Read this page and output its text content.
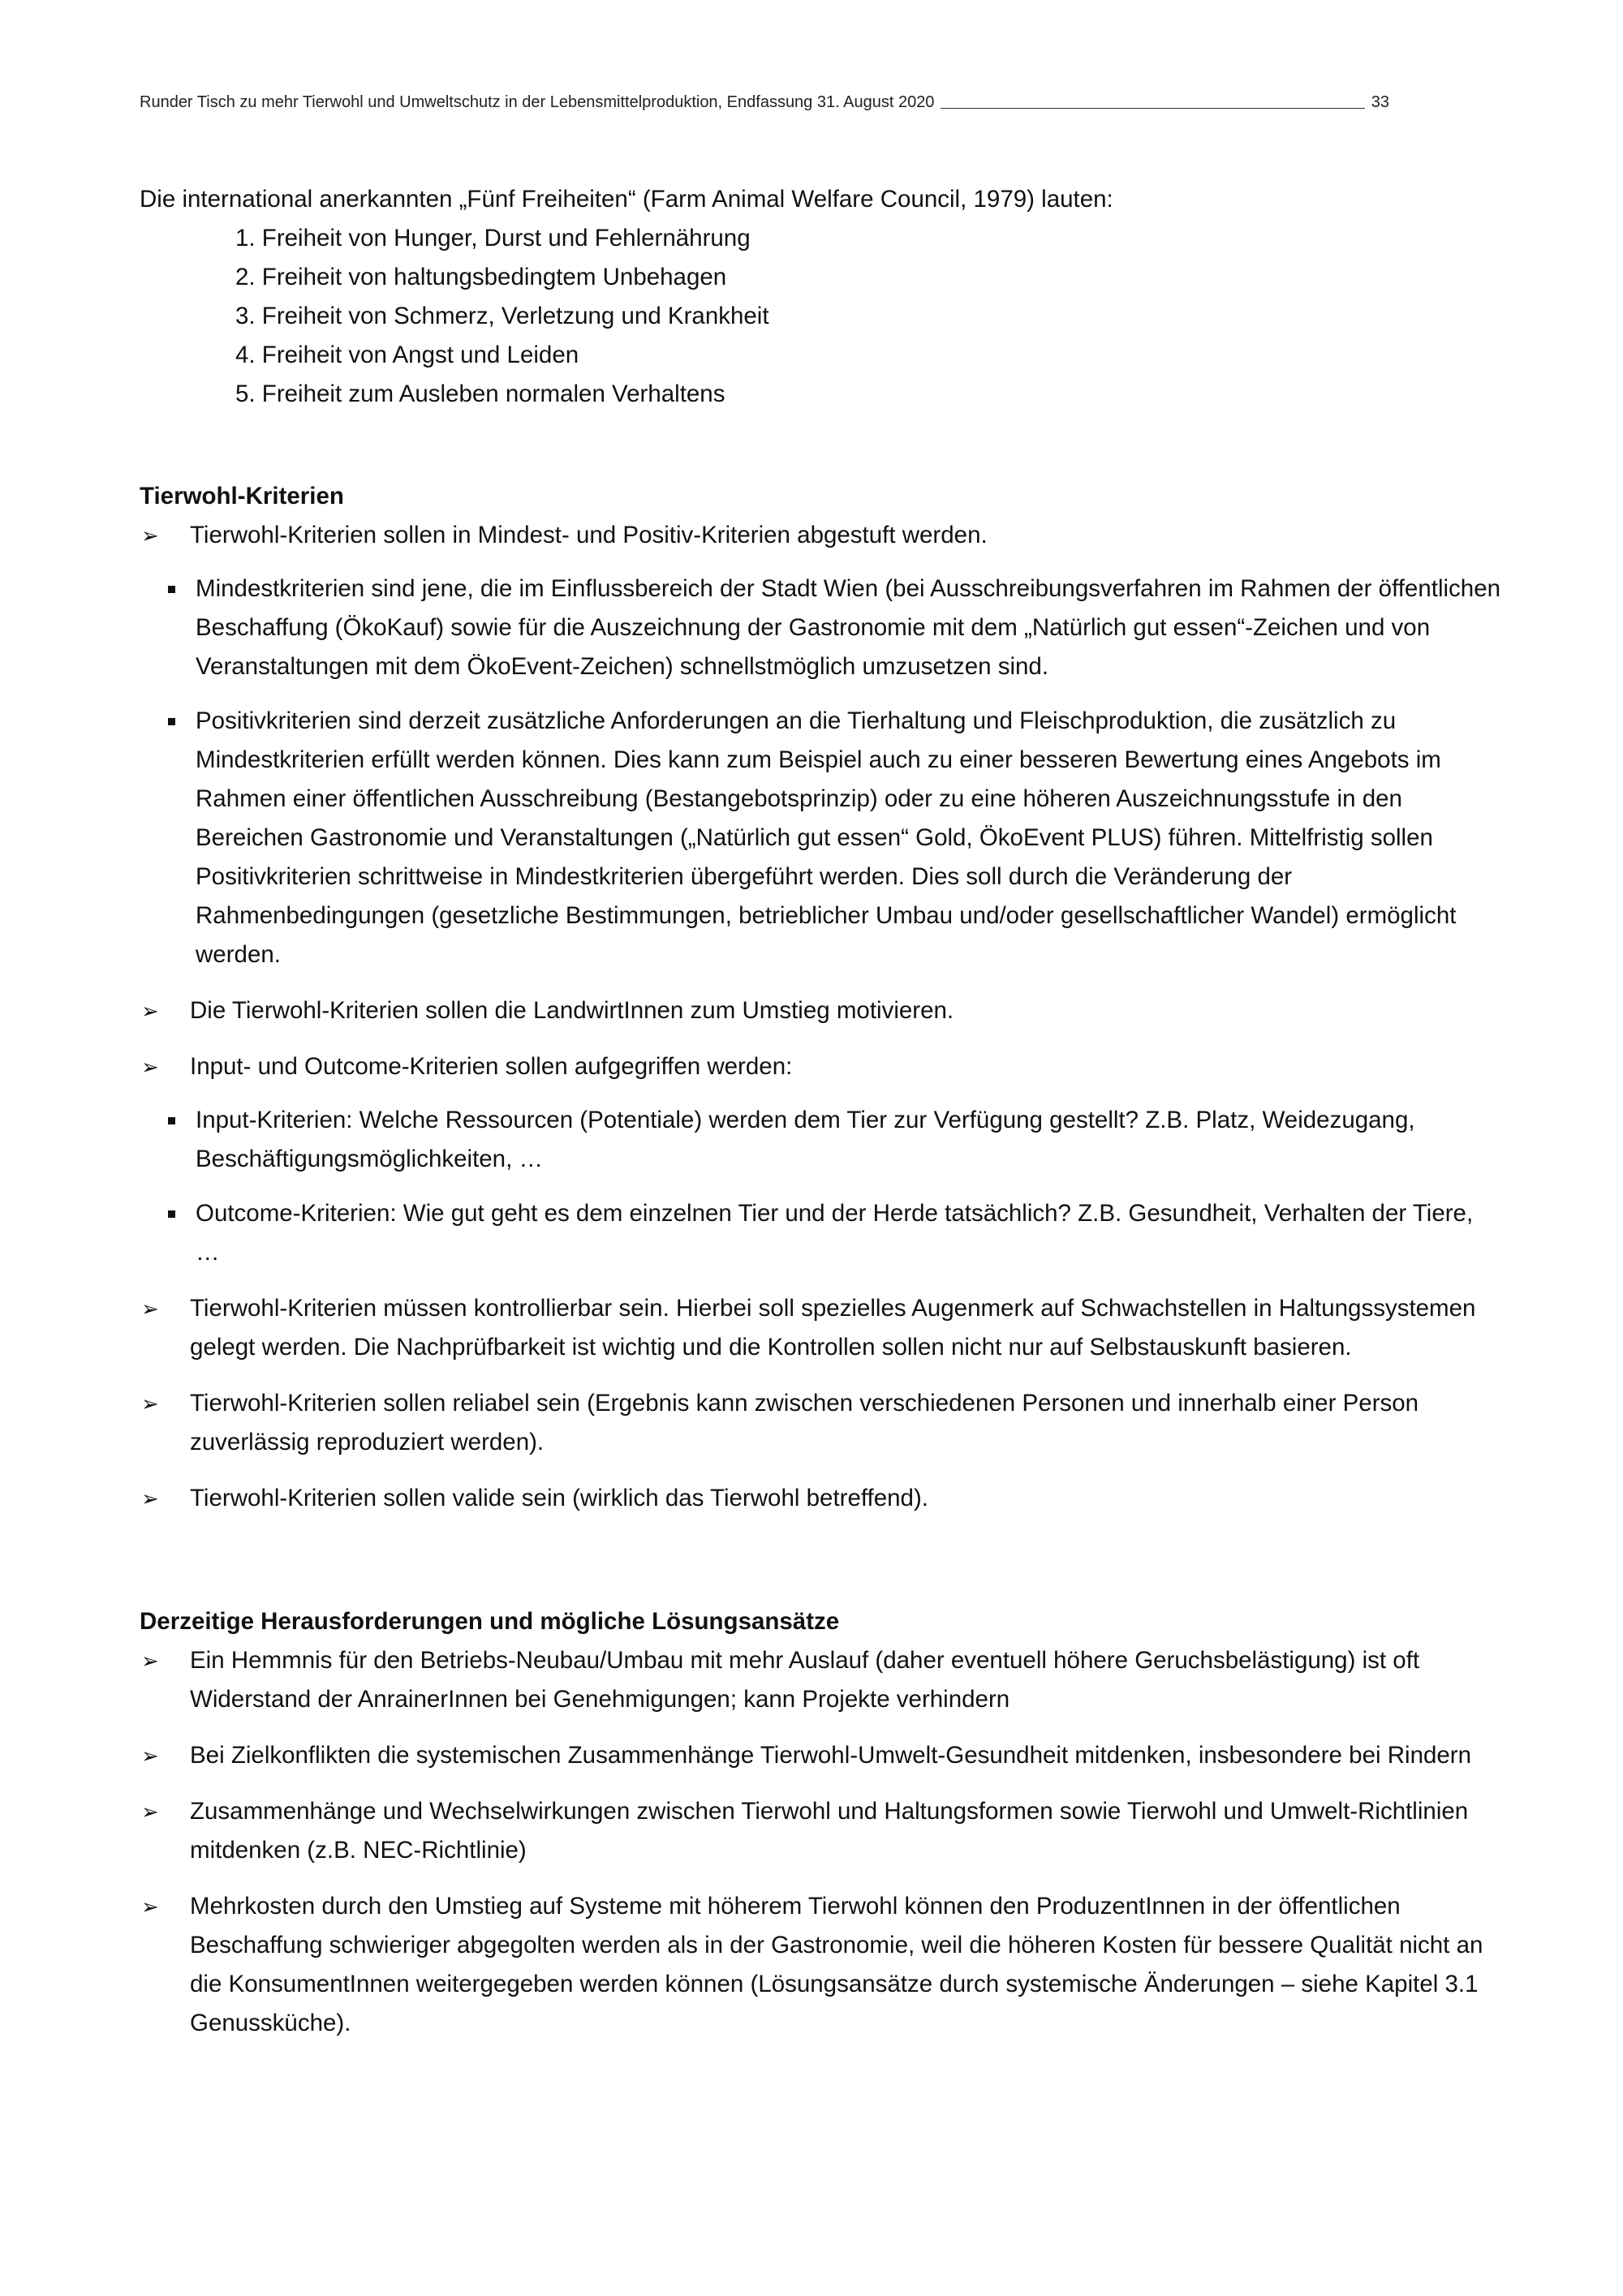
Runder Tisch zu mehr Tierwohl und Umweltschutz in der Lebensmittelproduktion, Endfassung 31. August 2020	33

Die international anerkannten „Fünf Freiheiten“ (Farm Animal Welfare Council, 1979) lauten:

1. Freiheit von Hunger, Durst und Fehlernährung
2. Freiheit von haltungsbedingtem Unbehagen
3. Freiheit von Schmerz, Verletzung und Krankheit
4. Freiheit von Angst und Leiden
5. Freiheit zum Ausleben normalen Verhaltens
Tierwohl-Kriterien
➢ Tierwohl-Kriterien sollen in Mindest- und Positiv-Kriterien abgestuft werden.
Mindestkriterien sind jene, die im Einflussbereich der Stadt Wien (bei Ausschreibungsverfahren im Rahmen der öffentlichen Beschaffung (ÖkoKauf) sowie für die Auszeichnung der Gastronomie mit dem „Natürlich gut essen“-Zeichen und von Veranstaltungen mit dem ÖkoEvent-Zeichen) schnellstmöglich umzusetzen sind.
Positivkriterien sind derzeit zusätzliche Anforderungen an die Tierhaltung und Fleischproduktion, die zusätzlich zu Mindestkriterien erfüllt werden können. Dies kann zum Beispiel auch zu einer besseren Bewertung eines Angebots im Rahmen einer öffentlichen Ausschreibung (Bestangebotsprinzip) oder zu eine höheren Auszeichnungsstufe in den Bereichen Gastronomie und Veranstaltungen („Natürlich gut essen“ Gold, ÖkoEvent PLUS) führen. Mittelfristig sollen Positivkriterien schrittweise in Mindestkriterien übergeführt werden. Dies soll durch die Veränderung der Rahmenbedingungen (gesetzliche Bestimmungen, betrieblicher Umbau und/oder gesellschaftlicher Wandel) ermöglicht werden.
➢ Die Tierwohl-Kriterien sollen die LandwirtInnen zum Umstieg motivieren.
➢ Input- und Outcome-Kriterien sollen aufgegriffen werden:
Input-Kriterien: Welche Ressourcen (Potentiale) werden dem Tier zur Verfügung gestellt? Z.B. Platz, Weidezugang, Beschäftigungsmöglichkeiten, …
Outcome-Kriterien: Wie gut geht es dem einzelnen Tier und der Herde tatsächlich? Z.B. Gesundheit, Verhalten der Tiere, …
➢ Tierwohl-Kriterien müssen kontrollierbar sein. Hierbei soll spezielles Augenmerk auf Schwachstellen in Haltungssystemen gelegt werden. Die Nachprüfbarkeit ist wichtig und die Kontrollen sollen nicht nur auf Selbstauskunft basieren.
➢ Tierwohl-Kriterien sollen reliabel sein (Ergebnis kann zwischen verschiedenen Personen und innerhalb einer Person zuverlässig reproduziert werden).
➢ Tierwohl-Kriterien sollen valide sein (wirklich das Tierwohl betreffend).
Derzeitige Herausforderungen und mögliche Lösungsansätze
➢ Ein Hemmnis für den Betriebs-Neubau/Umbau mit mehr Auslauf (daher eventuell höhere Geruchsbelästigung) ist oft Widerstand der AnrainerInnen bei Genehmigungen; kann Projekte verhindern
➢ Bei Zielkonflikten die systemischen Zusammenhänge Tierwohl-Umwelt-Gesundheit mitdenken, insbesondere bei Rindern
➢ Zusammenhänge und Wechselwirkungen zwischen Tierwohl und Haltungsformen sowie Tierwohl und Umwelt-Richtlinien mitdenken (z.B. NEC-Richtlinie)
➢ Mehrkosten durch den Umstieg auf Systeme mit höherem Tierwohl können den ProduzentInnen in der öffentlichen Beschaffung schwieriger abgegolten werden als in der Gastronomie, weil die höheren Kosten für bessere Qualität nicht an die KonsumentInnen weitergegeben werden können (Lösungsansätze durch systemische Änderungen – siehe Kapitel 3.1 Genussküche).
